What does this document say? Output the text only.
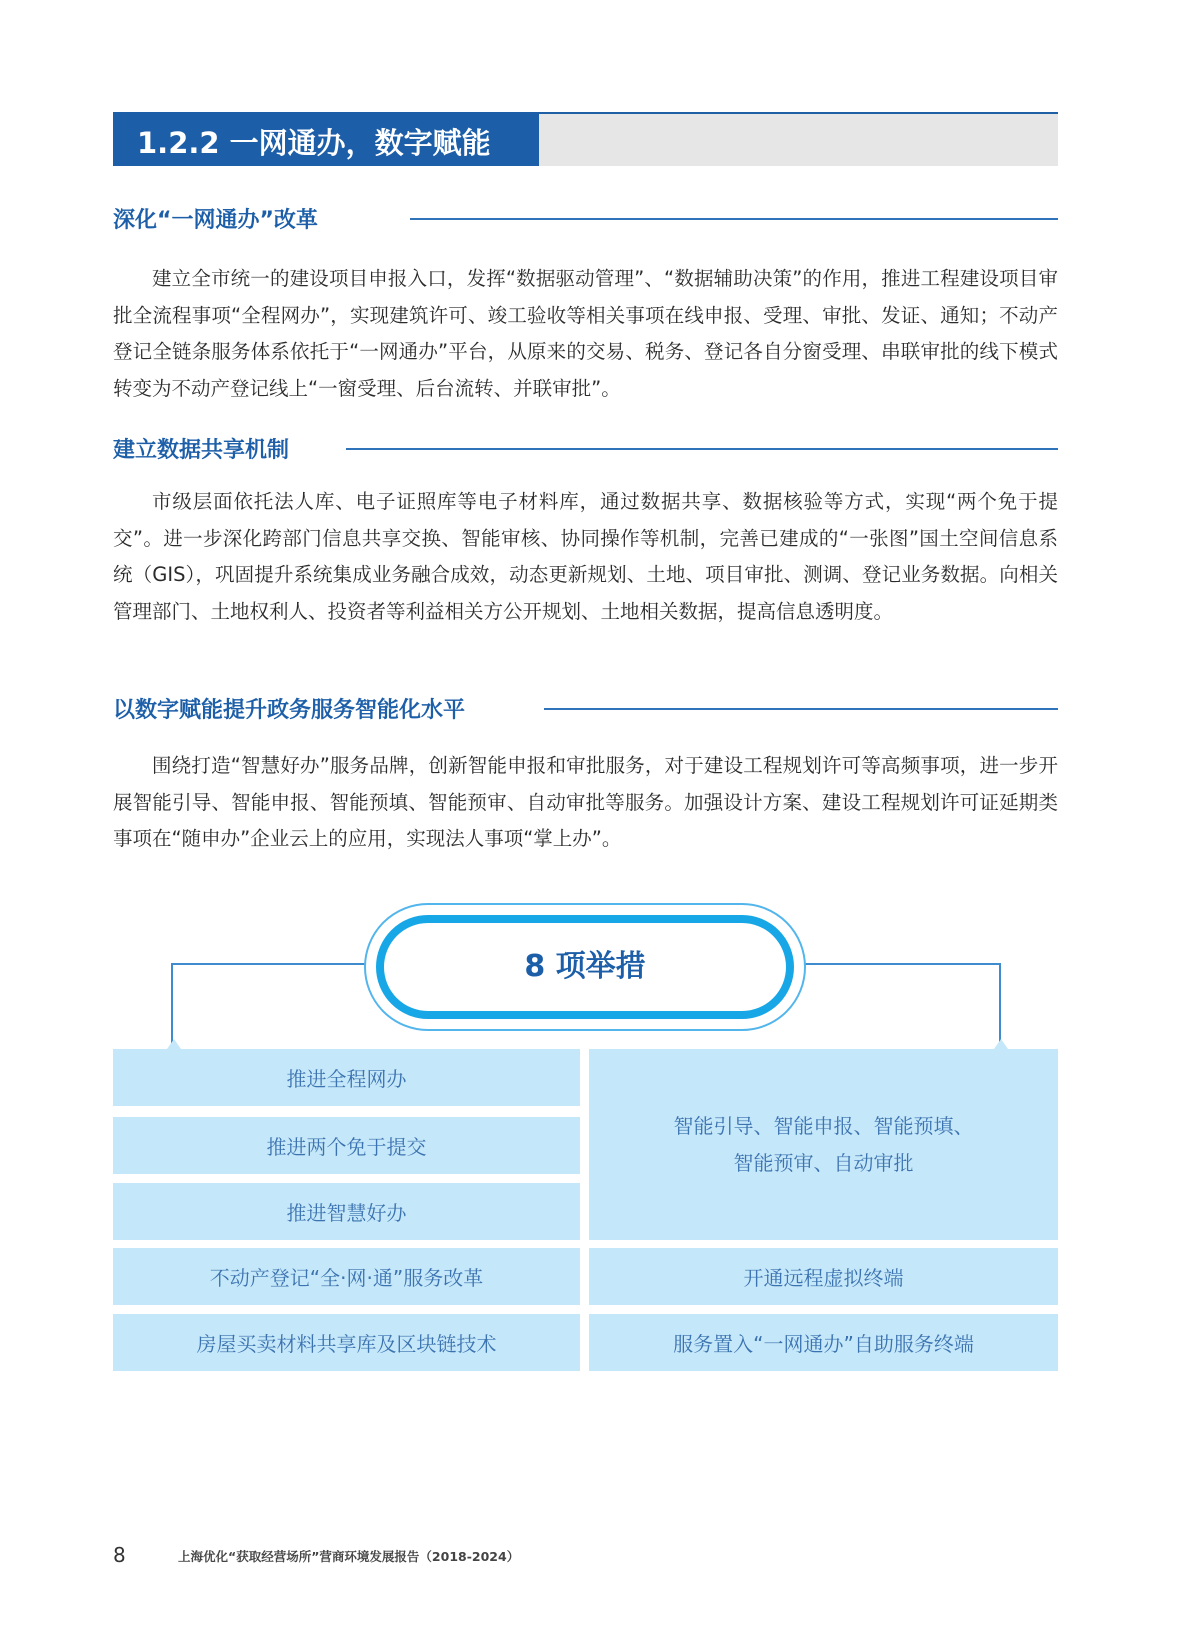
1.2.2 一网通办，数字赋能
深化“一网通办”改革
建立全市统一的建设项目申报入口，发挥“数据驱动管理”、“数据辅助决策”的作用，推进工程建设项目审批全流程事项“全程网办”，实现建筑许可、竣工验收等相关事项在线申报、受理、审批、发证、通知；不动产登记全链条服务体系依托于“一网通办”平台，从原来的交易、税务、登记各自分窗受理、串联审批的线下模式转变为不动产登记线上“一窗受理、后台流转、并联审批”。
建立数据共享机制
市级层面依托法人库、电子证照库等电子材料库，通过数据共享、数据核验等方式，实现“两个免于提交”。进一步深化跨部门信息共享交换、智能审核、协同操作等机制，完善已建成的“一张图”国土空间信息系统（GIS），巩固提升系统集成业务融合成效，动态更新规划、土地、项目审批、测调、登记业务数据。向相关管理部门、土地权利人、投资者等利益相关方公开规划、土地相关数据，提高信息透明度。
以数字赋能提升政务服务智能化水平
围绕打造“智慧好办”服务品牌，创新智能申报和审批服务，对于建设工程规划许可等高频事项，进一步开展智能引导、智能申报、智能预填、智能预审、自动审批等服务。加强设计方案、建设工程规划许可证延期类事项在“随申办”企业云上的应用，实现法人事项“掌上办”。
8 项举措
推进全程网办
推进两个免于提交
推进智慧好办
不动产登记“全·网·通”服务改革
房屋买卖材料共享库及区块链技术
智能引导、智能申报、智能预填、
智能预审、自动审批
开通远程虚拟终端
服务置入“一网通办”自助服务终端
8	上海优化“获取经营场所”营商环境发展报告（2018-2024）
